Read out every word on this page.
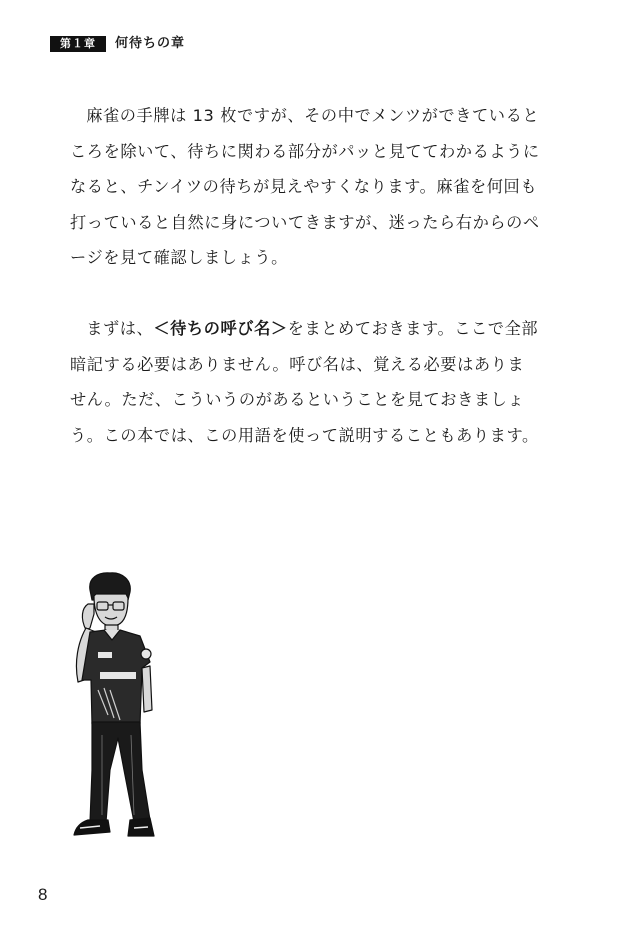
第１章	何待ちの章

麻雀の手牌は 13 枚ですが、その中でメンツができているところを除いて、待ちに関わる部分がパッと見ててわかるようになると、チンイツの待ちが見えやすくなります。麻雀を何回も打っていると自然に身についてきますが、迷ったら右からのページを見て確認しましょう。

まずは、＜待ちの呼び名＞をまとめておきます。ここで全部暗記する必要はありません。呼び名は、覚える必要はありません。ただ、こういうのがあるということを見ておきましょう。この本では、この用語を使って説明することもあります。

8
